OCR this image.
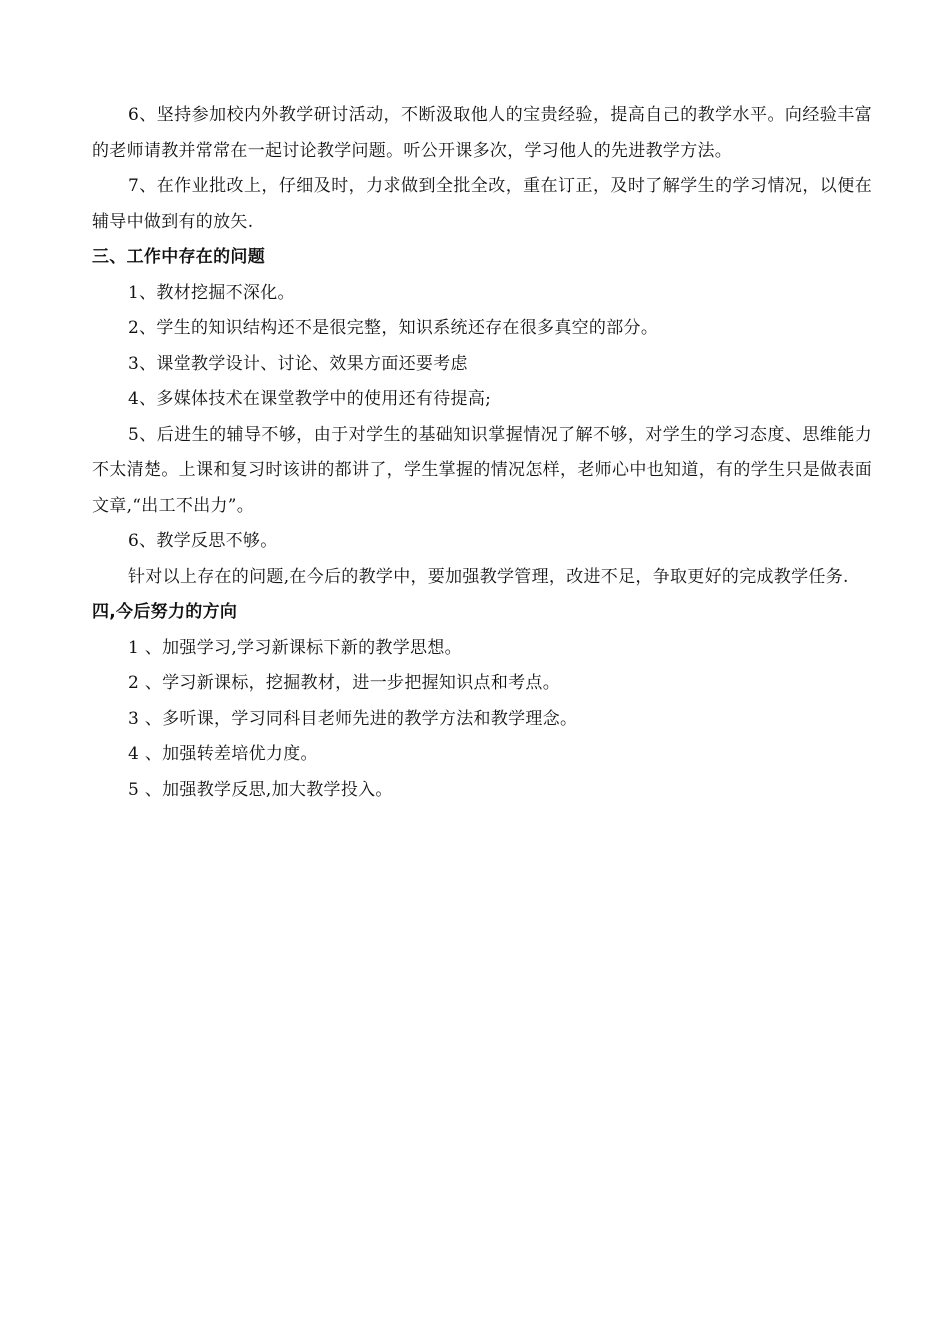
6、坚持参加校内外教学研讨活动，不断汲取他人的宝贵经验，提高自己的教学水平。向经验丰富的老师请教并常常在一起讨论教学问题。听公开课多次，学习他人的先进教学方法。

7、在作业批改上，仔细及时，力求做到全批全改，重在订正，及时了解学生的学习情况，以便在辅导中做到有的放矢.

三、工作中存在的问题

1、教材挖掘不深化。

2、学生的知识结构还不是很完整，知识系统还存在很多真空的部分。

3、课堂教学设计、讨论、效果方面还要考虑

4、多媒体技术在课堂教学中的使用还有待提高;

5、后进生的辅导不够，由于对学生的基础知识掌握情况了解不够，对学生的学习态度、思维能力不太清楚。上课和复习时该讲的都讲了，学生掌握的情况怎样，老师心中也知道，有的学生只是做表面文章,“出工不出力”。

6、教学反思不够。

针对以上存在的问题,在今后的教学中，要加强教学管理，改进不足，争取更好的完成教学任务.

四,今后努力的方向

1 、加强学习,学习新课标下新的教学思想。

2 、学习新课标，挖掘教材，进一步把握知识点和考点。

3 、多听课，学习同科目老师先进的教学方法和教学理念。

4 、加强转差培优力度。

5 、加强教学反思,加大教学投入。
